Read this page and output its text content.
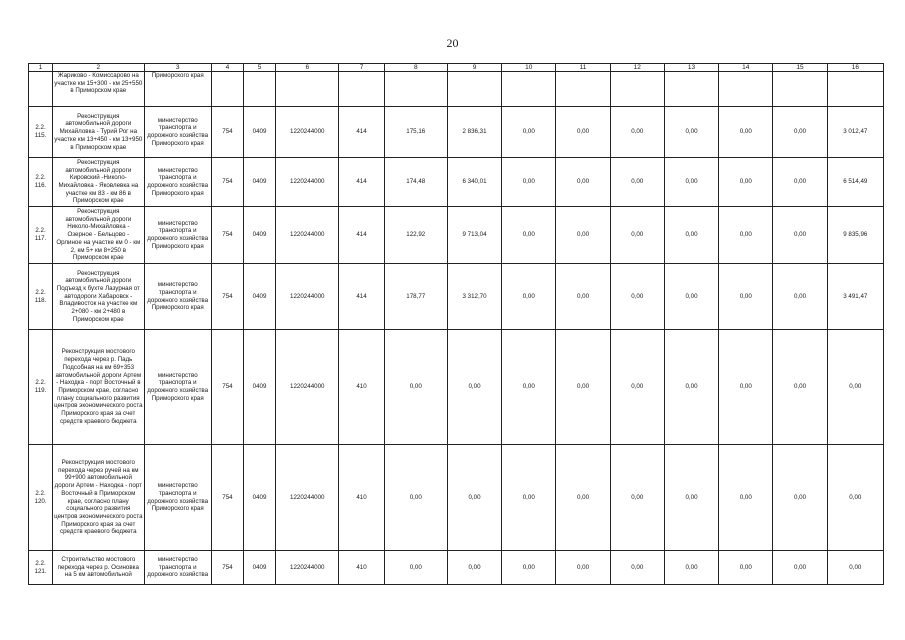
20
1	2	3	4	5	6	7	8	9	10	11	12	13	14	15	16
	Жариково - Комиссарово на участке км 15+300 - км 25+550 в Приморском крае	Приморского края													
2.2. 115.	Реконструкция автомобильной дороги Михайловка - Турий Рог на участке км 13+450 - км 13+950 в Приморском крае	министерство транспорта и дорожного хозяйства Приморского края	754	0409	1220244000	414	175,16	2 836,31	0,00	0,00	0,00	0,00	0,00	0,00	3 012,47
2.2. 116.	Реконструкция автомобильной дороги Кировский -Николо-Михайловка - Яковлевка на участке км 83 - км 86 в Приморском крае	министерство транспорта и дорожного хозяйства Приморского края	754	0409	1220244000	414	174,48	6 340,01	0,00	0,00	0,00	0,00	0,00	0,00	6 514,49
2.2. 117.	Реконструкция автомобильной дороги Николо-Михайловка - Озерное - Бельцово - Орлиное на участке км 0 - км 2, км 5+ км 8+250 в Приморском крае	министерство транспорта и дорожного хозяйства Приморского края	754	0409	1220244000	414	122,92	9 713,04	0,00	0,00	0,00	0,00	0,00	0,00	9 835,96
2.2. 118.	Реконструкция автомобильной дороги Подъезд к бухте Лазурная от автодороги Хабаровск - Владивосток на участке км 2+080 - км 2+480 в Приморском крае	министерство транспорта и дорожного хозяйства Приморского края	754	0409	1220244000	414	178,77	3 312,70	0,00	0,00	0,00	0,00	0,00	0,00	3 491,47
2.2. 119.	Реконструкция мостового перехода через р. Падь Подсобная на км 69+353 автомобильной дороги Артем - Находка - порт Восточный в Приморском крае, согласно плану социального развития центров экономического роста Приморского края за счет средств краевого бюджета	министерство транспорта и дорожного хозяйства Приморского края	754	0409	1220244000	410	0,00	0,00	0,00	0,00	0,00	0,00	0,00	0,00	0,00
2.2. 120.	Реконструкция мостового перехода через ручей на км 99+900 автомобильной дороги Артем - Находка - порт Восточный в Приморском крае, согласно плану социального развития центров экономического роста Приморского края за счет средств краевого бюджета	министерство транспорта и дорожного хозяйства Приморского края	754	0409	1220244000	410	0,00	0,00	0,00	0,00	0,00	0,00	0,00	0,00	0,00
2.2. 121.	Строительство мостового перехода через р. Осиновка на 5 км автомобильной	министерство транспорта и дорожного хозяйства	754	0409	1220244000	410	0,00	0,00	0,00	0,00	0,00	0,00	0,00	0,00	0,00
